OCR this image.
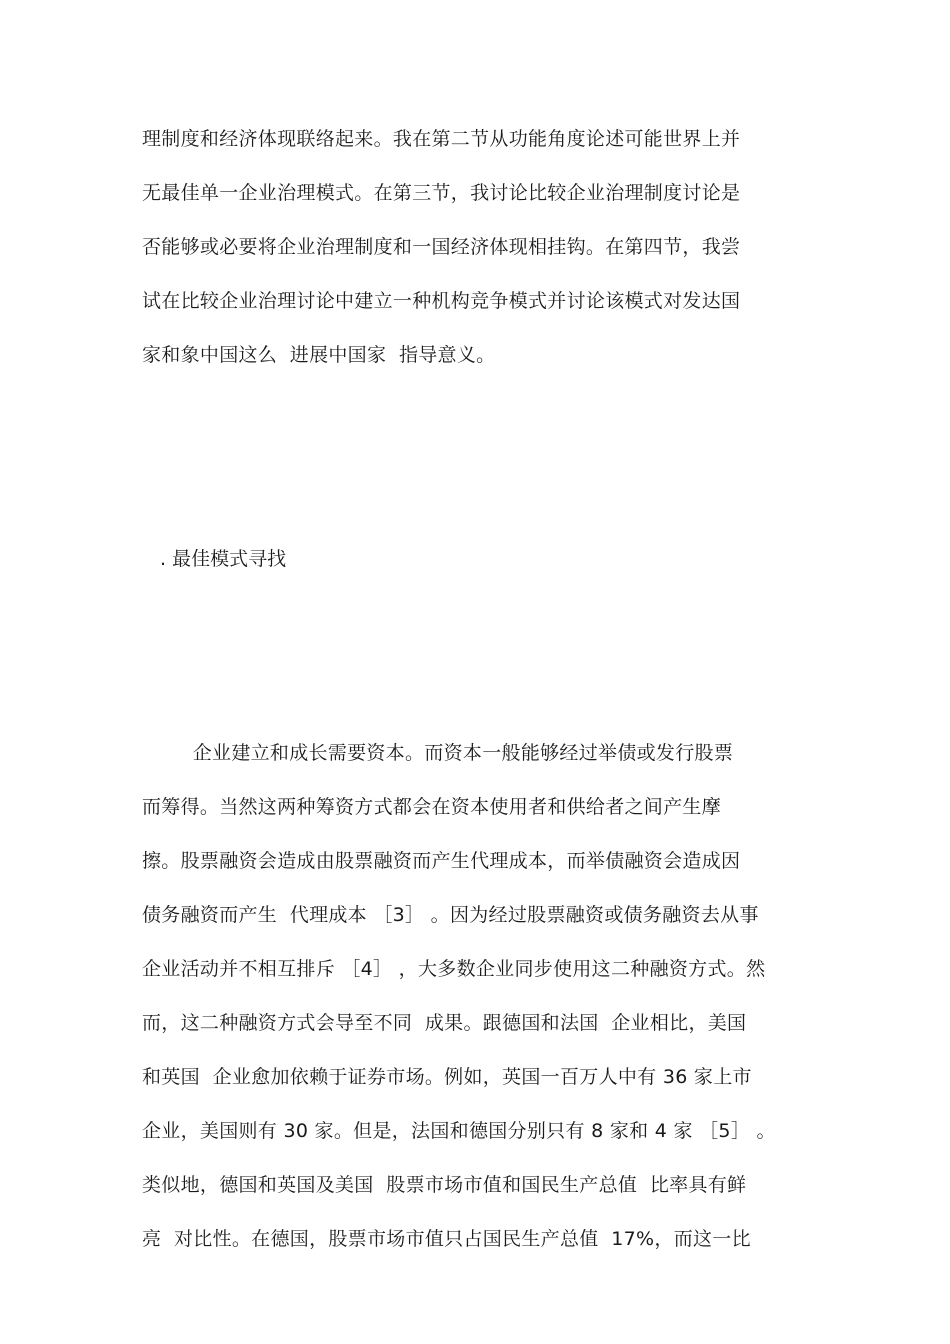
理制度和经济体现联络起来。我在第二节从功能角度论述可能世界上并
无最佳单一企业治理模式。在第三节，我讨论比较企业治理制度讨论是
否能够或必要将企业治理制度和一国经济体现相挂钩。在第四节，我尝
试在比较企业治理讨论中建立一种机构竞争模式并讨论该模式对发达国
家和象中国这么  进展中国家  指导意义。
. 最佳模式寻找
企业建立和成长需要资本。而资本一般能够经过举债或发行股票
而筹得。当然这两种筹资方式都会在资本使用者和供给者之间产生摩
擦。股票融资会造成由股票融资而产生代理成本，而举债融资会造成因
债务融资而产生  代理成本 ［3］ 。因为经过股票融资或债务融资去从事
企业活动并不相互排斥 ［4］ ，大多数企业同步使用这二种融资方式。然
而，这二种融资方式会导至不同  成果。跟德国和法国  企业相比，美国
和英国  企业愈加依赖于证券市场。例如，英国一百万人中有 36 家上市
企业，美国则有 30 家。但是，法国和德国分别只有 8 家和 4 家 ［5］ 。
类似地，德国和英国及美国  股票市场市值和国民生产总值  比率具有鲜
亮  对比性。在德国，股票市场市值只占国民生产总值  17%，而这一比
